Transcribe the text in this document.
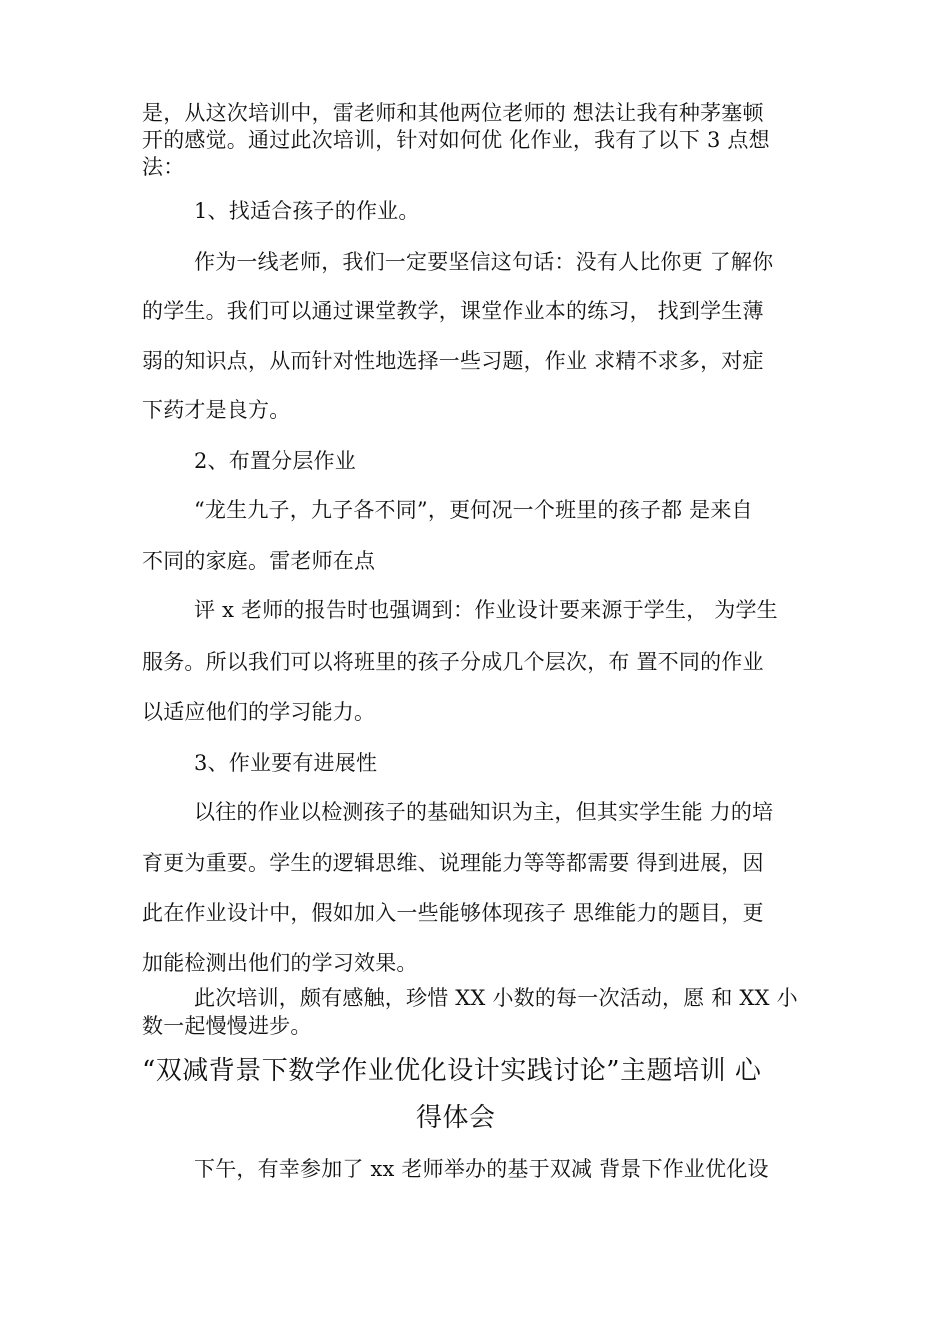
是，从这次培训中，雷老师和其他两位老师的 想法让我有种茅塞顿
开的感觉。通过此次培训，针对如何优 化作业，我有了以下 3 点想
法：
1、找适合孩子的作业。
作为一线老师，我们一定要坚信这句话：没有人比你更 了解你
的学生。我们可以通过课堂教学，课堂作业本的练习， 找到学生薄
弱的知识点，从而针对性地选择一些习题，作业 求精不求多，对症
下药才是良方。
2、布置分层作业
“龙生九子，九子各不同”，更何况一个班里的孩子都 是来自
不同的家庭。雷老师在点
评 x 老师的报告时也强调到：作业设计要来源于学生， 为学生
服务。所以我们可以将班里的孩子分成几个层次，布 置不同的作业
以适应他们的学习能力。
3、作业要有进展性
以往的作业以检测孩子的基础知识为主，但其实学生能 力的培
育更为重要。学生的逻辑思维、说理能力等等都需要 得到进展，因
此在作业设计中，假如加入一些能够体现孩子 思维能力的题目，更
加能检测出他们的学习效果。
此次培训，颇有感触，珍惜 XX 小数的每一次活动，愿 和 XX 小
数一起慢慢进步。
“双减背景下数学作业优化设计实践讨论”主题培训 心
得体会
下午，有幸参加了 xx 老师举办的基于双减 背景下作业优化设
